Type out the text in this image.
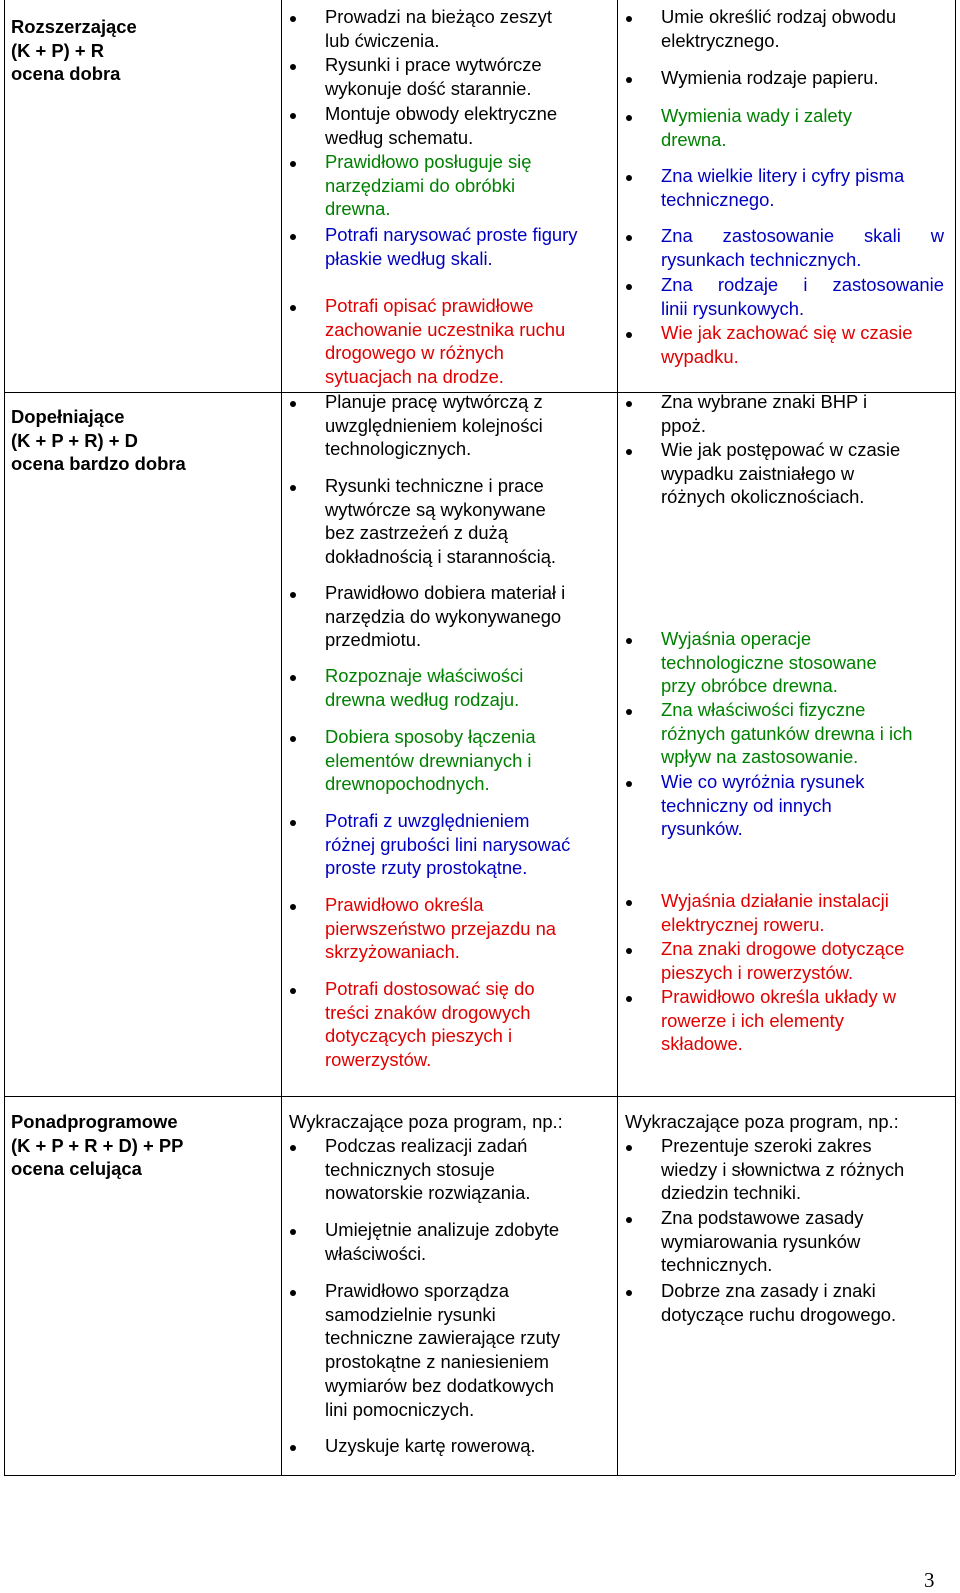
Rozszerzające
(K + P) + R
ocena dobra
Dopełniające
(K + P + R) + D
ocena bardzo dobra
Ponadprogramowe
(K + P + R + D) + PP
ocena celująca
Prowadzi na bieżąco zeszyt
lub ćwiczenia.
Rysunki i prace wytwórcze
wykonuje dość starannie.
Montuje obwody elektryczne
według schematu.
Prawidłowo posługuje się
narzędziami do obróbki
drewna.
Potrafi narysować proste figury
płaskie według skali.
Potrafi opisać prawidłowe
zachowanie uczestnika ruchu
drogowego w różnych
sytuacjach na drodze.
Planuje pracę wytwórczą z
uwzględnieniem kolejności
technologicznych.
Rysunki techniczne i prace
wytwórcze są wykonywane
bez zastrzeżeń z dużą
dokładnością i starannością.
Prawidłowo dobiera materiał i
narzędzia do wykonywanego
przedmiotu.
Rozpoznaje właściwości
drewna według rodzaju.
Dobiera sposoby łączenia
elementów drewnianych i
drewnopochodnych.
Potrafi z uwzględnieniem
różnej grubości lini narysować
proste rzuty prostokątne.
Prawidłowo określa
pierwszeństwo przejazdu na
skrzyżowaniach.
Potrafi dostosować się do
treści znaków drogowych
dotyczących pieszych i
rowerzystów.
Wykraczające poza program, np.:
Podczas realizacji zadań
technicznych stosuje
nowatorskie rozwiązania.
Umiejętnie analizuje zdobyte
właściwości.
Prawidłowo sporządza
samodzielnie rysunki
techniczne zawierające rzuty
prostokątne z naniesieniem
wymiarów bez dodatkowych
lini pomocniczych.
Uzyskuje kartę rowerową.
Umie określić rodzaj obwodu
elektrycznego.
Wymienia rodzaje papieru.
Wymienia wady i zalety
drewna.
Zna wielkie litery i cyfry pisma
technicznego.
Zna zastosowanie skali w
rysunkach technicznych.
Zna rodzaje i zastosowanie
linii rysunkowych.
Wie jak zachować się w czasie
wypadku.
Zna wybrane znaki BHP i
ppoż.
Wie jak postępować w czasie
wypadku zaistniałego w
różnych okolicznościach.
Wyjaśnia operacje
technologiczne stosowane
przy obróbce drewna.
Zna właściwości fizyczne
różnych gatunków drewna i ich
wpływ na zastosowanie.
Wie co wyróżnia rysunek
techniczny od innych
rysunków.
Wyjaśnia działanie instalacji
elektrycznej roweru.
Zna znaki drogowe dotyczące
pieszych i rowerzystów.
Prawidłowo określa układy w
rowerze i ich elementy
składowe.
Wykraczające poza program, np.:
Prezentuje szeroki zakres
wiedzy i słownictwa z różnych
dziedzin techniki.
Zna podstawowe zasady
wymiarowania rysunków
technicznych.
Dobrze zna zasady i znaki
dotyczące ruchu drogowego.
3
